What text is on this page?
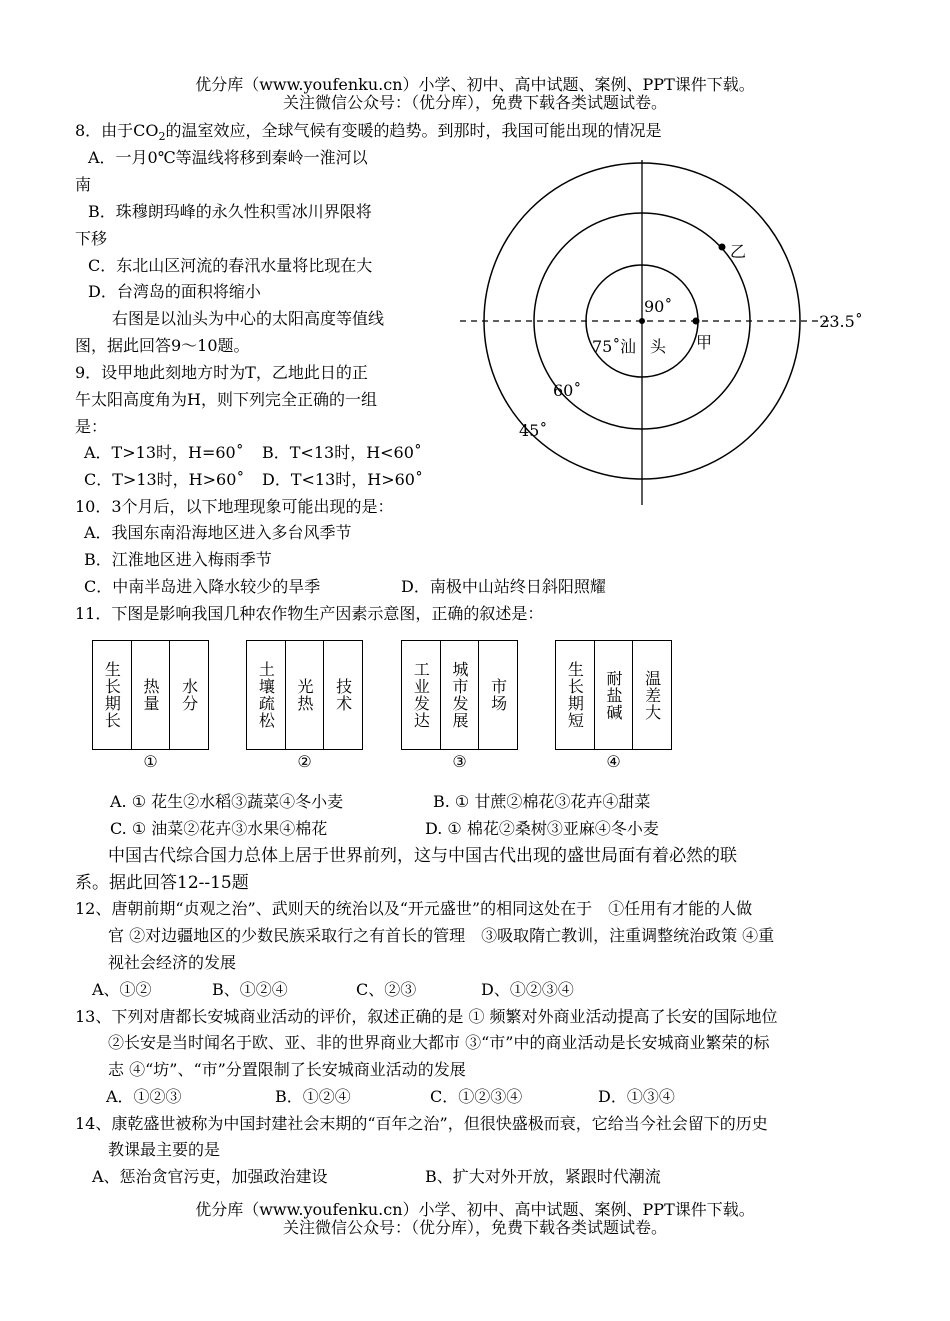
优分库（www.youfenku.cn）小学、初中、高中试题、案例、PPT课件下载。
关注微信公众号：（优分库），免费下载各类试题试卷。
8．由于$CO_2$的温室效应，全球气候有变暖的趋势。到那时，我国可能出现的情况是
A．一月0℃等温线将移到秦岭一淮河以
南
B．珠穆朗玛峰的永久性积雪冰川界限将
下移
C．东北山区河流的春汛水量将比现在大
D．台湾岛的面积将缩小
右图是以汕头为中心的太阳高度等值线
图，据此回答9～10题。
9．设甲地此刻地方时为T，乙地此日的正
午太阳高度角为H，则下列完全正确的一组
是：
A．T>13时，H=60˚ B．T<13时，H<60˚
C．T>13时，H>60˚ D．T<13时，H>60˚
10．3个月后，以下地理现象可能出现的是：
A．我国东南沿海地区进入多台风季节
B．江淮地区进入梅雨季节
C．中南半岛进入降水较少的旱季	D．南极中山站终日斜阳照耀
90˚
75˚ 汕 头 甲
乙
60˚
45˚
23.5˚
11．下图是影响我国几种农作物生产因素示意图，正确的叙述是：
生长期长 热量 水分
①
土壤疏松 光热 技术
②
工业发达 城市发展 市场
③
生长期短 耐盐碱 温差大
④
A. ① 花生②水稻③蔬菜④冬小麦	B. ① 甘蔗②棉花③花卉④甜菜
C. ① 油菜②花卉③水果④棉花	D. ① 棉花②桑树③亚麻④冬小麦
中国古代综合国力总体上居于世界前列，这与中国古代出现的盛世局面有着必然的联
系。据此回答12--15题
12、唐朝前期“贞观之治”、武则天的统治以及“开元盛世”的相同这处在于　①任用有才能的人做
官 ②对边疆地区的少数民族采取行之有首长的管理　③吸取隋亡教训，注重调整统治政策 ④重
视社会经济的发展
A、①②	B、①②④	C、②③	D、①②③④
13、下列对唐都长安城商业活动的评价，叙述正确的是 ① 频繁对外商业活动提高了长安的国际地位
②长安是当时闻名于欧、亚、非的世界商业大都市 ③“市”中的商业活动是长安城商业繁荣的标
志 ④“坊”、“市”分置限制了长安城商业活动的发展
A．①②③	B．①②④	C．①②③④	D．①③④
14、康乾盛世被称为中国封建社会末期的“百年之治”，但很快盛极而衰，它给当今社会留下的历史
教课最主要的是
A、惩治贪官污吏，加强政治建设	B、扩大对外开放，紧跟时代潮流
优分库（www.youfenku.cn）小学、初中、高中试题、案例、PPT课件下载。
关注微信公众号：（优分库），免费下载各类试题试卷。
